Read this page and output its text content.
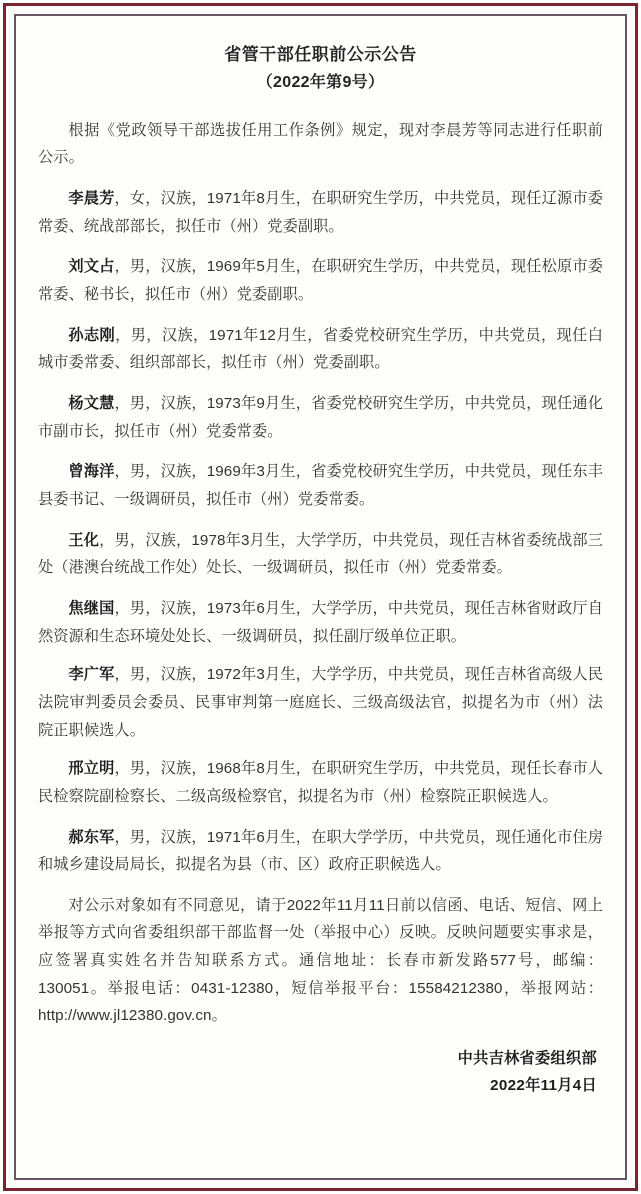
省管干部任职前公示公告
（2022年第9号）

根据《党政领导干部选拔任用工作条例》规定，现对李晨芳等同志进行任职前公示。

李晨芳，女，汉族，1971年8月生，在职研究生学历，中共党员，现任辽源市委常委、统战部部长，拟任市（州）党委副职。

刘文占，男，汉族，1969年5月生，在职研究生学历，中共党员，现任松原市委常委、秘书长，拟任市（州）党委副职。

孙志刚，男，汉族，1971年12月生，省委党校研究生学历，中共党员，现任白城市委常委、组织部部长，拟任市（州）党委副职。

杨文慧，男，汉族，1973年9月生，省委党校研究生学历，中共党员，现任通化市副市长，拟任市（州）党委常委。

曾海洋，男，汉族，1969年3月生，省委党校研究生学历，中共党员，现任东丰县委书记、一级调研员，拟任市（州）党委常委。

王化，男，汉族，1978年3月生，大学学历，中共党员，现任吉林省委统战部三处（港澳台统战工作处）处长、一级调研员，拟任市（州）党委常委。

焦继国，男，汉族，1973年6月生，大学学历，中共党员，现任吉林省财政厅自然资源和生态环境处处长、一级调研员，拟任副厅级单位正职。

李广军，男，汉族，1972年3月生，大学学历，中共党员，现任吉林省高级人民法院审判委员会委员、民事审判第一庭庭长、三级高级法官，拟提名为市（州）法院正职候选人。

邢立明，男，汉族，1968年8月生，在职研究生学历，中共党员，现任长春市人民检察院副检察长、二级高级检察官，拟提名为市（州）检察院正职候选人。

郝东军，男，汉族，1971年6月生，在职大学学历，中共党员，现任通化市住房和城乡建设局局长，拟提名为县（市、区）政府正职候选人。

对公示对象如有不同意见，请于2022年11月11日前以信函、电话、短信、网上举报等方式向省委组织部干部监督一处（举报中心）反映。反映问题要实事求是，应签署真实姓名并告知联系方式。通信地址：长春市新发路577号，邮编：130051。举报电话：0431-12380，短信举报平台：15584212380，举报网站：http://www.jl12380.gov.cn。

中共吉林省委组织部
2022年11月4日
